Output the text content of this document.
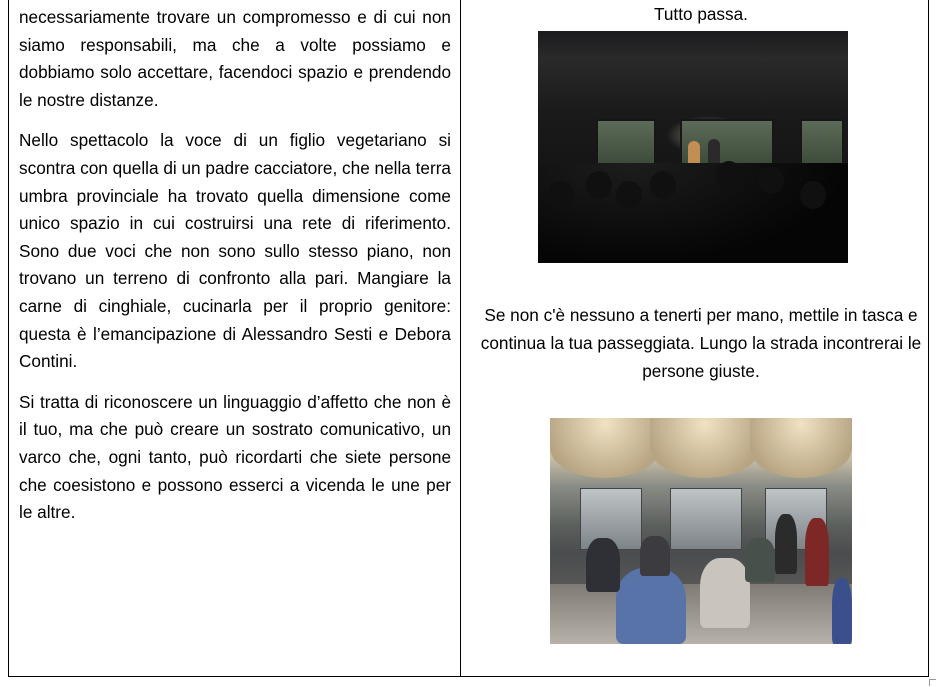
necessariamente trovare un compromesso e di cui non siamo responsabili, ma che a volte possiamo e dobbiamo solo accettare, facendoci spazio e prendendo le nostre distanze.

Nello spettacolo la voce di un figlio vegetariano si scontra con quella di un padre cacciatore, che nella terra umbra provinciale ha trovato quella dimensione come unico spazio in cui costruirsi una rete di riferimento. Sono due voci che non sono sullo stesso piano, non trovano un terreno di confronto alla pari. Mangiare la carne di cinghiale, cucinarla per il proprio genitore: questa è l’emancipazione di Alessandro Sesti e Debora Contini.

Si tratta di riconoscere un linguaggio d’affetto che non è il tuo, ma che può creare un sostrato comunicativo, un varco che, ogni tanto, può ricordarti che siete persone che coesistono e possono esserci a vicenda le une per le altre.

Tutto passa.
Se non c'è nessuno a tenerti per mano, mettile in tasca e continua la tua passeggiata. Lungo la strada incontrerai le persone giuste.
